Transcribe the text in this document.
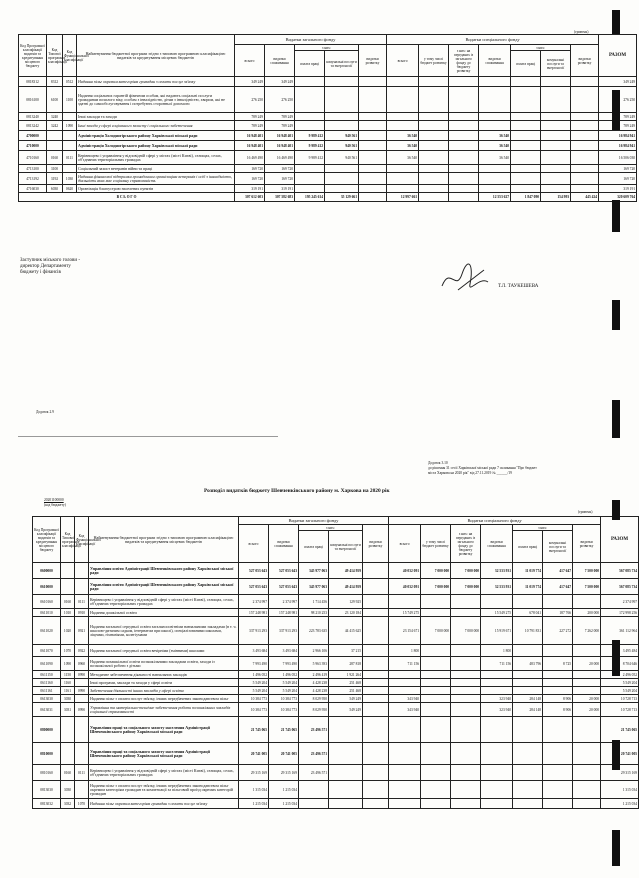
(гривень)
Код Програмної класифікації видатків та кредитування місцевого бюджету	Код Типової програмної класифікації	Код Функціональної класифікації	Найменування бюджетної програми згідно з типовою програмною класифікацією видатків та кредитування місцевих бюджетів	Видатки загального фонду					Видатки спеціального фонду							РАЗОМ
				всього	видатки споживання	з них:		видатки розвитку	всього	у тому числі бюджет розвитку	з них: на переданих із загального фонду до бюджету розвитку	видатки споживання	з них:		видатки розвитку	
						оплата праці	комунальні послуги та енергоносії						оплата праці	комунальні послуги та енергоносії		
0818312	8312	0512	Надання пільг окремим категоріям громадян з оплати послуг зв'язку	349 249	349 249											349 249
0816100	6100	1100	Надання соціальних гарантій фізичним особам, які надають соціальні послуги громадянам похилого віку, особам з інвалідністю, дітям з інвалідністю, хворим, які не здатні до самообслуговування і потребують сторонньої допомоги	276 250	276 250											276 250
0813240	3240		Інші заклади та заходи	789 249	789 249											789 249
0813242	3242	1090	Інші заходи у сфері соціального захисту і соціального забезпечення	789 249	789 249											789 249
4700000			Адміністрація Холодногірського району Харківської міської ради	16 948 401	16 948 401	9 989 412	940 561		36 540			36 540				16 984 941
4710000			Адміністрація Холодногірського району Харківської міської ради	16 948 401	16 948 401	9 989 412	940 561		36 540			36 540				16 984 941
4710160	0160	0111	Керівництво і управління у відповідній сфері у містах (місті Києві), селищах, селах, об'єднаних територіальних громадах	16 469 490	16 469 490	9 989 412	940 561		36 540			36 540				16 506 030
4713100	3100		Соціальний захист ветеранів війни та праці	169 720	169 720											169 720
4713192	3192	1030	Надання фінансової підтримки громадським організаціям ветеранів і осіб з інвалідністю, діяльність яких має соціальну спрямованість	169 720	169 720											169 720
4716030	6030	0620	Організація благоустрою населених пунктів	319 191	319 191											319 191
В С Ь О Г О				307 612 603	307 582 683	195 245 614	35 129 661		12 997 661			12 553 627	1 847 090	154 993	445 424	320 609 764
Заступник міського голови -
директор Департаменту
бюджету і фінансів
Т.Л. ТАУКЕШЕВА
Додаток 2.9
Додаток 3.10
до рішення 31 сесії Харківської міської ради 7 скликання "Про бюджет
міста Харкова на 2020 рік" від 27.11.2019 № ______/19
Розподіл видатків бюджету Шевченківського району м. Харкова на 2020 рік
20201100000
(код бюджету)
(гривень)
Код Програмної класифікації видатків та кредитування місцевого бюджету	Код Типової програмної класифікації	Код Функціональної класифікації	Найменування бюджетної програми згідно з типовою програмною класифікацією видатків та кредитування місцевих бюджетів	Видатки загального фонду					Видатки спеціального фонду							РАЗОМ
				всього	видатки споживання	з них:		видатки розвитку	всього	у тому числі бюджет розвитку	з них: на переданих із загального фонду до бюджету розвитку	видатки споживання	з них:		видатки розвитку	
						оплата праці	комунальні послуги та енергоносії						оплата праці	комунальні послуги та енергоносії		
0600000			Управління освіти Адміністрації Шевченківського району Харківської міської ради	527 053 643	527 053 643	345 977 063	49 414 959		40 032 091	7 000 000	7 000 000	32 533 931	11 019 774	417 647	7 500 000	567 085 734
0610000			Управління освіти Адміністрації Шевченківського району Харківської міської ради	527 053 643	527 053 643	345 977 063	49 414 959		40 032 091	7 000 000	7 000 000	32 533 931	11 019 774	417 647	7 500 000	567 085 734
0610160	0160	0111	Керівництво і управління у відповідній сфері у містах (місті Києві), селищах, селах, об'єднаних територіальних громадах	2 374 997	2 374 997	1 714 456	129 925									2 374 997
0611010	1010	0910	Надання дошкільної освіти	157 248 981	157 248 981	98 210 253	23 120 184		15 749 275			15 549 275	678 041	187 766	200 000	172 998 256
0611020	1020	0921	Надання загальної середньої освіти загальноосвітніми навчальними закладами (в т. ч. школою-дитячим садком, інтернатом при школі), спеціалізованими школами, ліцеями, гімназіями, колегіумами	337 913 293	337 913 293	223 783 635	44 415 625		23 154 671	7 000 000	7 000 000	15 919 671	10 791 831	227 272	7 262 000	361 112 964
0611070	1070	0922	Надання загальної середньої освіти вечірніми (змінними) школами	3 493 684	3 493 684	2 966 106	37 215		1 800			1 800				3 495 484
0611090	1090	0960	Надання позашкільної освіти позашкільними закладами освіти, заходи із позашкільної роботи з дітьми	7 993 490	7 993 490	5 963 393	287 818		711 156			711 156	483 796	8 725	20 000	8 704 646
0611150	1150	0990	Методичне забезпечення діяльності навчальних закладів	1 496 052	1 496 052	2 496 419	1 921 264									2 496 052
0611160	1160		Інші програми, заклади та заходи у сфері освіти	5 549 204	5 549 204	4 428 238	251 468									5 549 204
0611161	1161	0990	Забезпечення діяльності інших закладів у сфері освіти	5 549 204	5 549 204	4 428 238	251 468									5 549 204
0613030	3030		Надання пільг з оплати послуг зв'язку, інших передбачених законодавством пільг	10 384 773	10 384 773	8 029 950	549 249		343 940			323 940	284 148	8 906	20 000	10 728 713
0613031	3031	0990	Управління та матеріально-технічне забезпечення роботи позашкільних закладів соціальної спрямованості	10 384 773	10 384 773	8 029 950	549 249		343 940			323 940	284 148	8 906	20 000	10 728 713
0800000			Управління праці та соціального захисту населення Адміністрації Шевченківського району Харківської міської ради	21 745 065	21 745 065	23 496 571										21 745 065
0810000			Управління праці та соціального захисту населення Адміністрації Шевченківського району Харківської міської ради	20 741 005	20 741 005	23 496 571										20 741 005
0810160	0160	0111	Керівництво і управління у відповідній сфері у містах (місті Києві), селищах, селах, об'єднаних територіальних громадах	29 315 169	29 315 169	23 496 571										29 315 169
0813030	3030		Надання пільг з оплати послуг зв'язку, інших передбачених законодавством пільг окремим категоріям громадян та компенсації за пільговий проїзд окремих категорій громадян	1 315 034	1 215 034											1 315 034
0813032	3032	1070	Надання пільг окремим категоріям громадян з оплати послуг зв'язку	1 215 034	1 215 034											1 215 034
